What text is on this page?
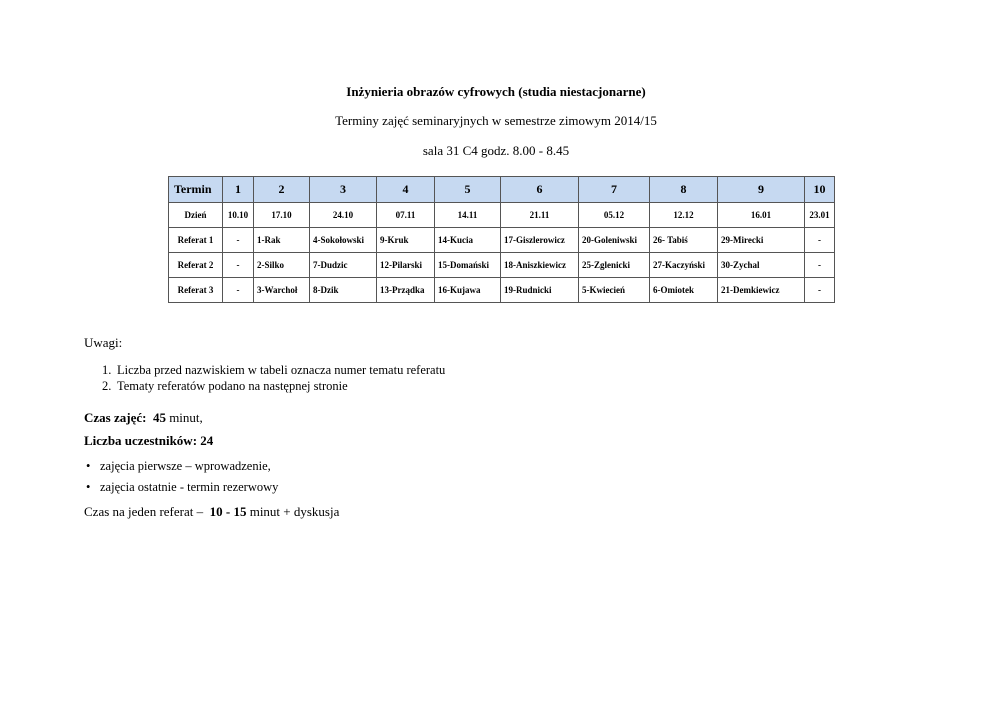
Inżynieria obrazów cyfrowych (studia niestacjonarne)
Terminy zajęć seminaryjnych w semestrze zimowym 2014/15
sala 31 C4 godz. 8.00 - 8.45
Termin	1	2	3	4	5	6	7	8	9	10
Dzień	10.10	17.10	24.10	07.11	14.11	21.11	05.12	12.12	16.01	23.01
Referat 1	-	1-Rak	4-Sokołowski	9-Kruk	14-Kucia	17-Giszlerowicz	20-Goleniwski	26- Tabiś	29-Mirecki	-
Referat 2	-	2-Silko	7-Dudzic	12-Pilarski	15-Domański	18-Aniszkiewicz	25-Zglenicki	27-Kaczyński	30-Zychal	-
Referat 3	-	3-Warchoł	8-Dzik	13-Prządka	16-Kujawa	19-Rudnicki	5-Kwiecień	6-Omiotek	21-Demkiewicz	-
Uwagi:
1. Liczba przed nazwiskiem w tabeli oznacza numer tematu referatu
2. Tematy referatów podano na następnej stronie
Czas zajęć: 45 minut,
Liczba uczestników: 24
• zajęcia pierwsze – wprowadzenie,
• zajęcia ostatnie - termin rezerwowy
Czas na jeden referat – 10 - 15 minut + dyskusja
